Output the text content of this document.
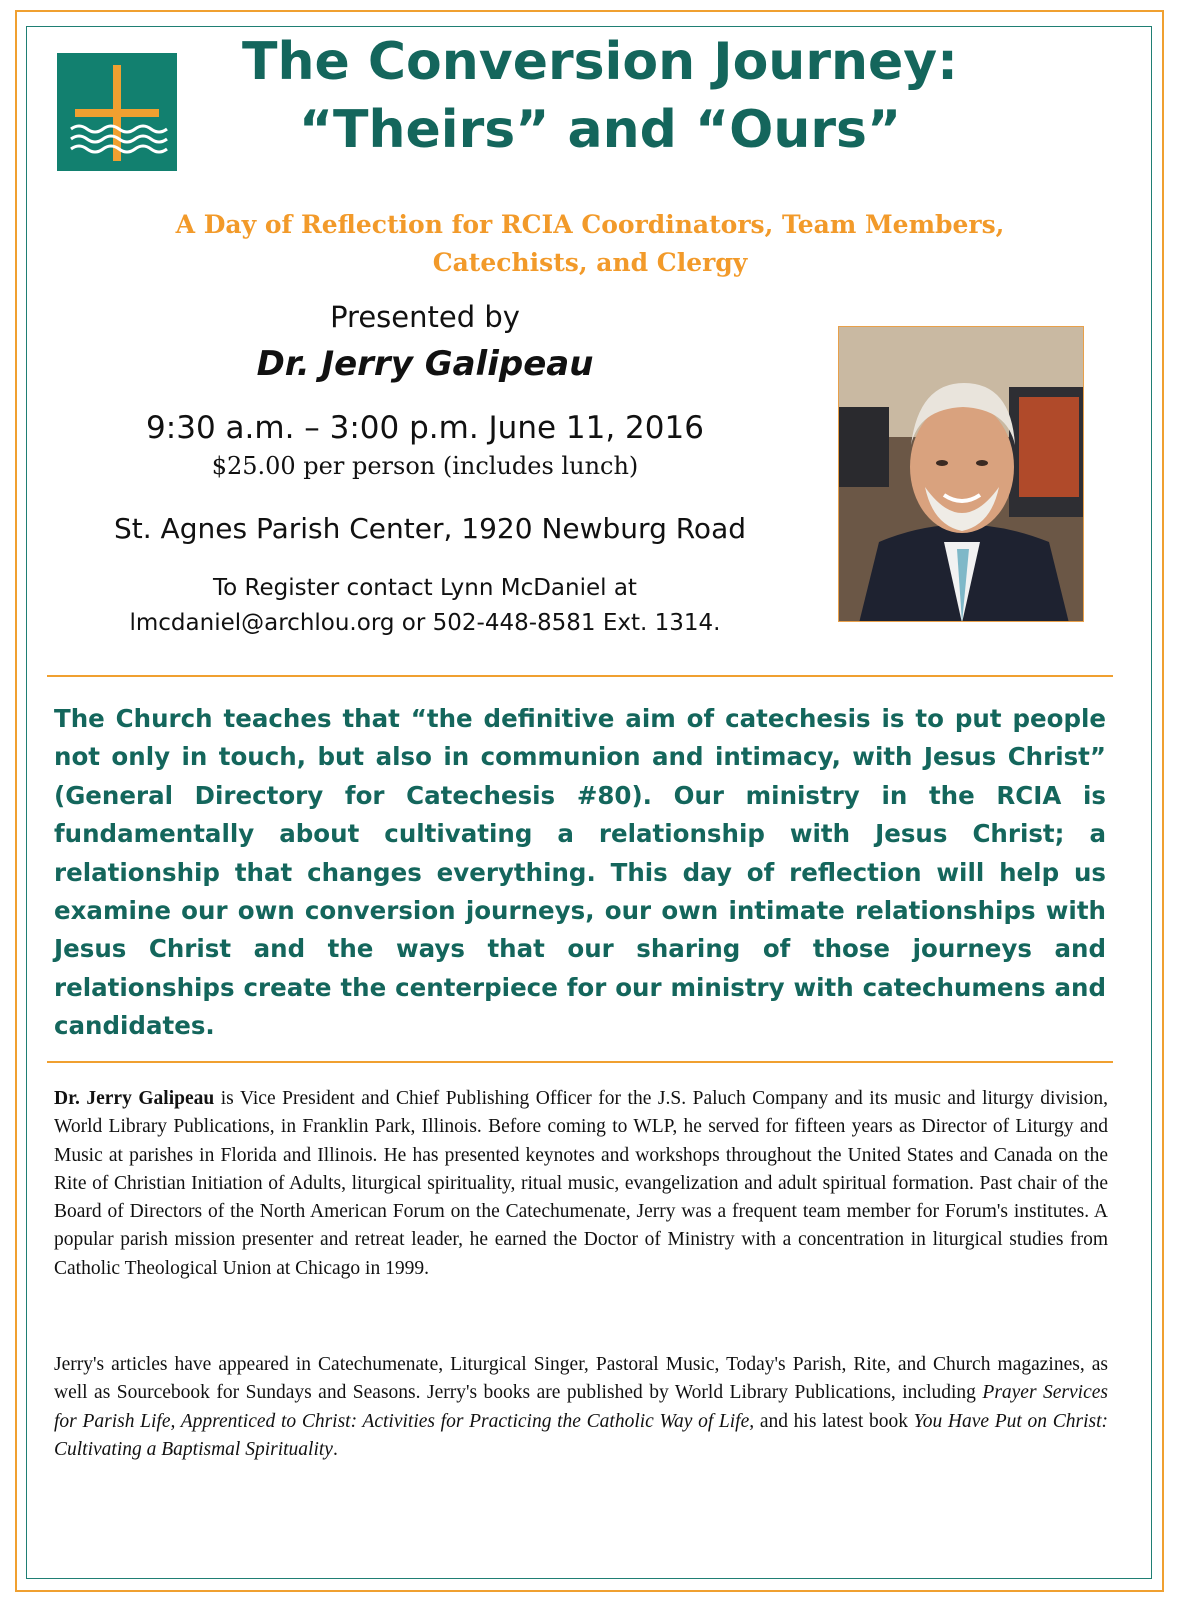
The Conversion Journey:
“Theirs” and “Ours”
A Day of Reflection for RCIA Coordinators, Team Members,
Catechists, and Clergy

Presented by

Dr. Jerry Galipeau

9:30 a.m. – 3:00 p.m. June 11, 2016

$25.00 per person (includes lunch)

St. Agnes Parish Center, 1920 Newburg Road

To Register contact Lynn McDaniel at
lmcdaniel@archlou.org or 502-448-8581 Ext. 1314.

The Church teaches that “the definitive aim of catechesis is to put people not only in touch, but also in communion and intimacy, with Jesus Christ” (General Directory for Catechesis #80). Our ministry in the RCIA is fundamentally about cultivating a relationship with Jesus Christ; a relationship that changes everything. This day of reflection will help us examine our own conversion journeys, our own intimate relationships with Jesus Christ and the ways that our sharing of those journeys and relationships create the centerpiece for our ministry with catechumens and candidates.

Dr. Jerry Galipeau is Vice President and Chief Publishing Officer for the J.S. Paluch Company and its music and liturgy division, World Library Publications, in Franklin Park, Illinois. Before coming to WLP, he served for fifteen years as Director of Liturgy and Music at parishes in Florida and Illinois. He has presented keynotes and workshops throughout the United States and Canada on the Rite of Christian Initiation of Adults, liturgical spirituality, ritual music, evangelization and adult spiritual formation. Past chair of the Board of Directors of the North American Forum on the Catechumenate, Jerry was a frequent team member for Forum's institutes. A popular parish mission presenter and retreat leader, he earned the Doctor of Ministry with a concentration in liturgical studies from Catholic Theological Union at Chicago in 1999.

Jerry's articles have appeared in Catechumenate, Liturgical Singer, Pastoral Music, Today's Parish, Rite, and Church magazines, as well as Sourcebook for Sundays and Seasons. Jerry's books are published by World Library Publications, including Prayer Services for Parish Life, Apprenticed to Christ: Activities for Practicing the Catholic Way of Life, and his latest book You Have Put on Christ: Cultivating a Baptismal Spirituality.
